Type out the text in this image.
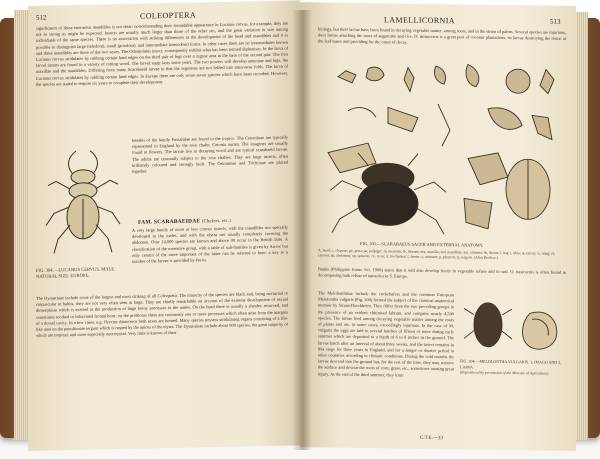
512	COLEOPTERA

significance of these enormous mandibles is not clear: notwithstanding their formidable appearance in Lucanus cervus, for example, they are not as strong as might be expected. Insects are usually much larger than those of the other sex, and the great variation in size among individuals of the same species. There is no association with striking differences in the development of the head and mandibles and it is possible to distinguish large (telodont), small (priodont), and intermediate (mesodont) forms. In other cases there are no intermediates known and these mandibles are those of the two sexes. The Odontolabis insect, consequently exhibit what has been termed diphenism. In the larva of Lucanus cervus stridulates by rubbing certain hard edges on the third pair of legs over a rugose area at the base of the second pair. The first larval instars are found in a variety of rotting wood. The larval stage lasts some years. The two powers will develop antennae and legs, the maxillae and the mandibles. Differing from many Scarabaeid larvae in that the segments are not folded into transverse folds. The larva of Lucanus cervus stridulates by rubbing certain hard edges. In Europe there are only some seven species which have been recorded. However, the species are stated to require six years to complete their development.

FIG. 304.—LUCANUS CERVUS, MALE. NATURAL SIZE. EUROPE.

Beetles of the family Passalidae are found in the tropics. The Cetoniinae are typically represented in England by the rose chafer. Cetonia aurata. The imagines are usually found in flowers. The larvae live in decaying wood and are typical scarabaeid larvae. The adults are unusually subject to the rose chafers. They are large insects, often brilliantly coloured and strongly built. The Cetoniinae and Trichiinae are placed together.

FAM. SCARABAEIDAE (Chafers, etc.)

A very large family of more or less convex insects, with the mandibles not specially developed in the males, and with the elytra not usually completely covering the abdomen. Over 14,000 species are known and above 90 occur in the British Isles. A classification of the extensive group, with a table of sub-families is given by Arrow but only certain of the more important of the latter can be referred to here: a key to a number of the larvae is provided by Perris.

The Dynastinae include some of the largest and most striking of all Coleoptera. The majority of the species are black and, being nocturnal or crepuscular in habits, they are not very often seen at large. They are chiefly remarkable on account of the extreme development of sexual dimorphism which is exerted in the production of large horny processes in the males. On the head there is usually a slender, recurved, and sometimes toothed or bifurcated frontal horn; on the prothorax there are commonly one or more processes which often arise from the margins of a dorsal cavity. In a few cases, e.g. Oryctes rhinoceros both sexes are horned. Many species possess stridulating organs consisting of a file-like area on the penultimate tergum which is rasped by the apices of the elytra. The Dynastinae include about 900 species, the great majority of which are tropical, and more especially neotropical. Very little is known of their

LAMELLICORNIA	513

biology, but their larvae have been found in decaying vegetable matter, among roots, and in the stems of palms. Several species are injurious, their larvae attacking the roots of sugarcane and rice. D. rhinoceros is a great pest of coconut plantations, its larvae destroying the tissue at the leaf-bases and providing for the onset of decay.

FIG. 303.—SCARABAEUS SACER AND EXTERNAL ANATOMY.
A, head; c, clypeus; ge, gena; pa, palpiger; m, mentum; lb, labrum; mx, maxilla; md, mandible; ant, antenna; th, thorax; l, leg; t, tibia; ta, tarsus; w, wing; el, elytron; ab, abdomen; sp, spiracle; cx, coxa; tr, trochanter; f, femur; s, sternum; p, pleuron; ty, tergum. (After Berlese.)

Banks (Philippine Journ. Sci. 1906) states that it will also develop freely in vegetable refuse and in soil. O. nasicornis is often found in decomposing bark refuse of tanneries in S. Europe.

The Melolonthinae include the cockchafers and the common European Melolontha vulgaris (Fig. 304) formed the subject of the classical anatomical memoir by Straus-Durckheim. They differ from the two preceding groups in the presence of an evident chitinised labrum, and comprise nearly 4,500 species. The larvae feed among decaying vegetable matter among the roots of plants and are, in some cases, exceedingly injurious. In the case of M. vulgaris the eggs are laid in several batches of fifteen or more during early summer which are deposited to a depth of 6 to 8 inches in the ground. The larvae hatch after an interval of about three weeks, and the insect remains in this stage for three years in England, and for a longer or shorter period in other countries according to climatic conditions. During the cold months the larvae descend into the ground but, for the rest of the time, they may remove the surface and devour the roots of corn, grass, etc., sometimes causing great injury. At the end of the third summer, they form

FIG. 304.—MELOLONTHA VULGARIS. 1, IMAGO AND 2, LARVA.
(Reproduced by permission of the Ministry of Agriculture)
C.T.E.—33
